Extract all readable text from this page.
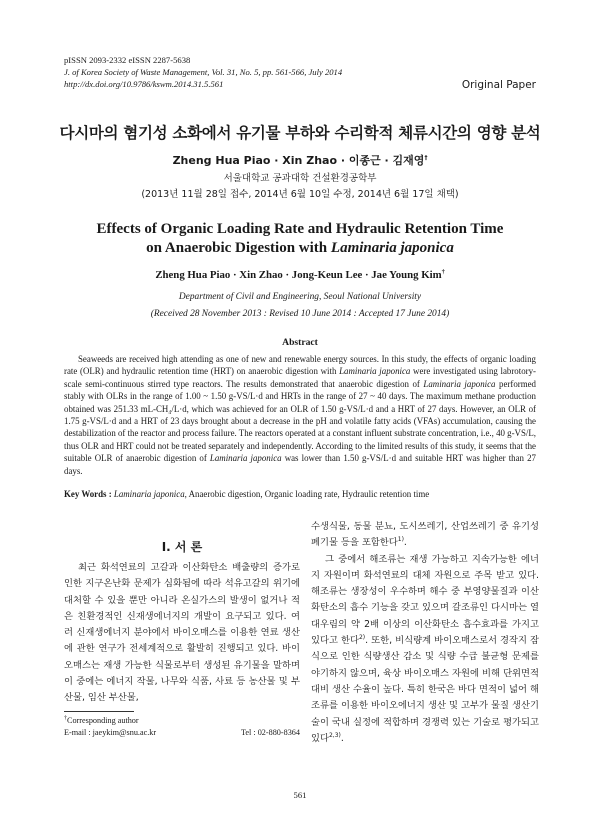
pISSN 2093-2332 eISSN 2287-5638
J. of Korea Society of Waste Management, Vol. 31, No. 5, pp. 561-566, July 2014
http://dx.doi.org/10.9786/kswm.2014.31.5.561	Original Paper
다시마의 혐기성 소화에서 유기물 부하와 수리학적 체류시간의 영향 분석
Zheng Hua Piao · Xin Zhao · 이종근 · 김재영†
서울대학교 공과대학 건설환경공학부
(2013년 11월 28일 접수, 2014년 6월 10일 수정, 2014년 6월 17일 채택)
Effects of Organic Loading Rate and Hydraulic Retention Time
on Anaerobic Digestion with Laminaria japonica
Zheng Hua Piao · Xin Zhao · Jong-Keun Lee · Jae Young Kim†
Department of Civil and Engineering, Seoul National University
(Received 28 November 2013 : Revised 10 June 2014 : Accepted 17 June 2014)
Abstract

Seaweeds are received high attending as one of new and renewable energy sources. In this study, the effects of organic loading rate (OLR) and hydraulic retention time (HRT) on anaerobic digestion with Laminaria japonica were investigated using labrotory-scale semi-continuous stirred type reactors. The results demonstrated that anaerobic digestion of Laminaria japonica performed stably with OLRs in the range of 1.00 ~ 1.50 g-VS/L·d and HRTs in the range of 27 ~ 40 days. The maximum methane production obtained was 251.33 mL-CH₄/L·d, which was achieved for an OLR of 1.50 g-VS/L·d and a HRT of 27 days. However, an OLR of 1.75 g-VS/L·d and a HRT of 23 days brought about a decrease in the pH and volatile fatty acids (VFAs) accumulation, causing the destabilization of the reactor and process failure. The reactors operated at a constant influent substrate concentration, i.e., 40 g-VS/L, thus OLR and HRT could not be treated separately and independently. According to the limited results of this study, it seems that the suitable OLR of anaerobic digestion of Laminaria japonica was lower than 1.50 g-VS/L·d and suitable HRT was higher than 27 days.

Key Words : Laminaria japonica, Anaerobic digestion, Organic loading rate, Hydraulic retention time
I. 서 론

최근 화석연료의 고갈과 이산화탄소 배출량의 증가로 인한 지구온난화 문제가 심화됨에 따라 석유고갈의 위기에 대처할 수 있을 뿐만 아니라 온실가스의 발생이 없거나 적은 친환경적인 신재생에너지의 개발이 요구되고 있다. 여러 신재생에너지 분야에서 바이오매스를 이용한 연료 생산에 관한 연구가 전세계적으로 활발히 진행되고 있다. 바이오매스는 재생 가능한 식물로부터 생성된 유기물을 말하며 이 중에는 에너지 작물, 나무와 식품, 사료 등 농산물 및 부산물, 임산 부산물,

수생식물, 동물 분뇨, 도시쓰레기, 산업쓰레기 중 유기성 폐기물 등을 포함한다$^{1)}$.

그 중에서 해조류는 재생 가능하고 지속가능한 에너지 자원이며 화석연료의 대체 자원으로 주목 받고 있다. 해조류는 생장성이 우수하며 해수 중 부영양물질과 이산화탄소의 흡수 기능을 갖고 있으며 갈조류인 다시마는 열대우림의 약 2배 이상의 이산화탄소 흡수효과를 가지고 있다고 한다$^{2)}$. 또한, 비식량계 바이오매스로서 경작지 잠식으로 인한 식량생산 감소 및 식량 수급 불균형 문제를 야기하지 않으며, 육상 바이오매스 자원에 비해 단위면적 대비 생산 수율이 높다. 특히 한국은 바다 면적이 넓어 해조류를 이용한 바이오에너지 생산 및 고부가 물질 생산기술이 국내 실정에 적합하며 경쟁력 있는 기술로 평가되고 있다$^{2,3)}$.

†Corresponding author
E-mail : jaeykim@snu.ac.kr	Tel : 02-880-8364
561
